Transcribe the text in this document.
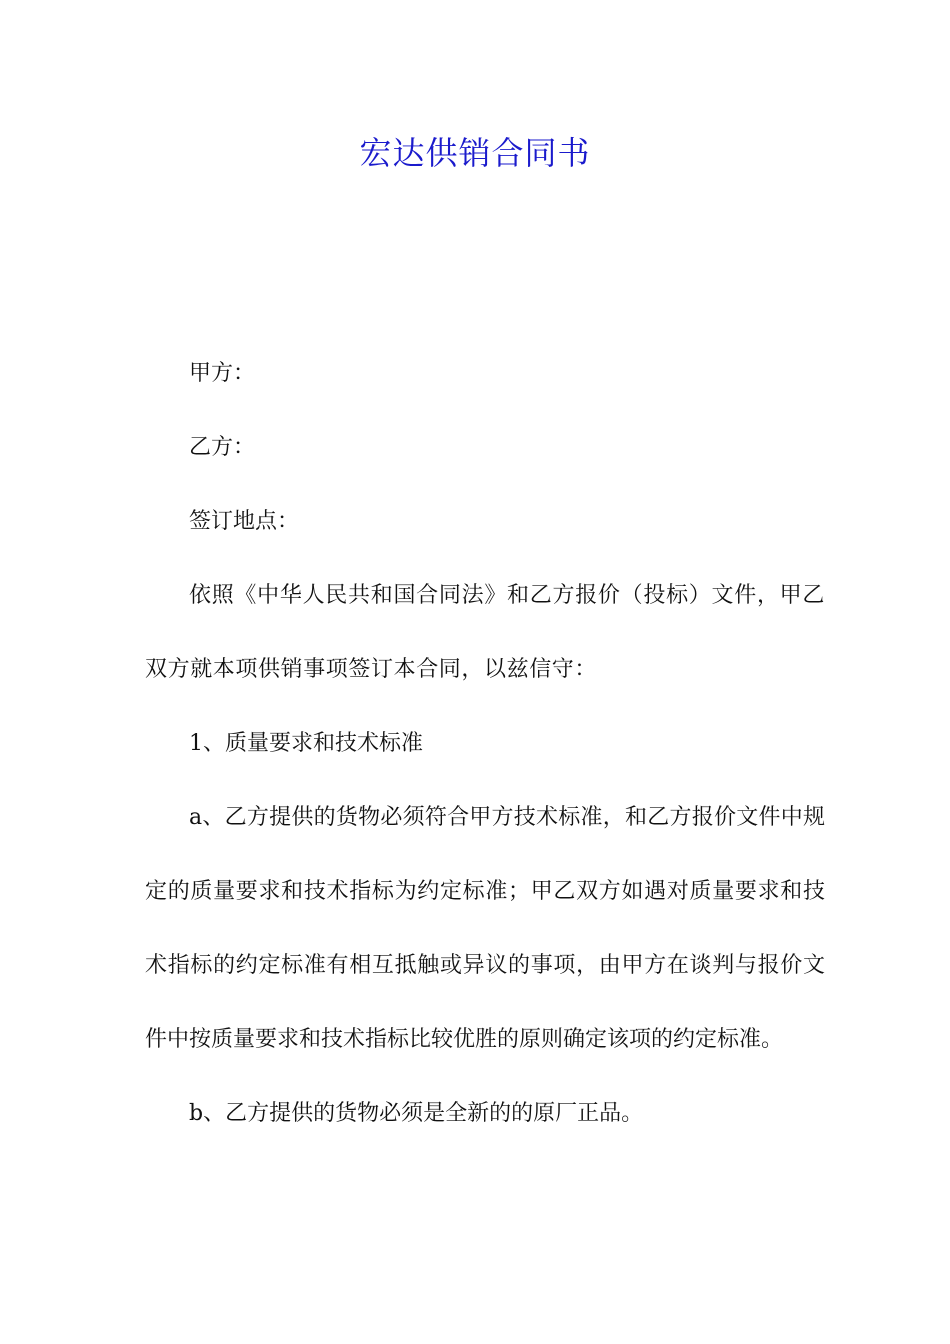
宏达供销合同书

甲方：

乙方：

签订地点：

依照《中华人民共和国合同法》和乙方报价（投标）文件，甲乙双方就本项供销事项签订本合同，以兹信守：

1、质量要求和技术标准

a、乙方提供的货物必须符合甲方技术标准，和乙方报价文件中规定的质量要求和技术指标为约定标准；甲乙双方如遇对质量要求和技术指标的约定标准有相互抵触或异议的事项，由甲方在谈判与报价文件中按质量要求和技术指标比较优胜的原则确定该项的约定标准。

b、乙方提供的货物必须是全新的的原厂正品。
